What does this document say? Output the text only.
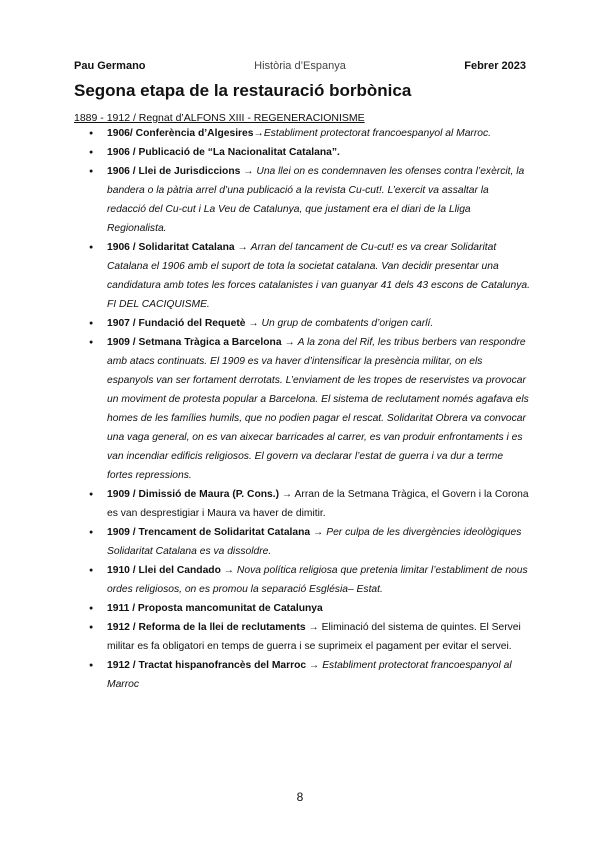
Pau Germano	Història d’Espanya	Febrer 2023
Segona etapa de la restauració borbònica
1889 - 1912 / Regnat d’ALFONS XIII - REGENERACIONISME
● 1906/ Conferència d’Algesires→Establiment protectorat francoespanyol al Marroc.
● 1906 / Publicació de “La Nacionalitat Catalana”.
● 1906 / Llei de Jurisdiccions → Una llei on es condemnaven les ofenses contra l’exèrcit, la bandera o la pàtria arrel d’una publicació a la revista Cu-cut!. L’exercit va assaltar la redacció del Cu-cut i La Veu de Catalunya, que justament era el diari de la Lliga Regionalista.
● 1906 / Solidaritat Catalana → Arran del tancament de Cu-cut! es va crear Solidaritat Catalana el 1906 amb el suport de tota la societat catalana. Van decidir presentar una candidatura amb totes les forces catalanistes i van guanyar 41 dels 43 escons de Catalunya. FI DEL CACIQUISME.
● 1907 / Fundació del Requetè → Un grup de combatents d’origen carlí.
● 1909 / Setmana Tràgica a Barcelona → A la zona del Rif, les tribus berbers van respondre amb atacs continuats. El 1909 es va haver d’intensificar la presència militar, on els espanyols van ser fortament derrotats. L’enviament de les tropes de reservistes va provocar un moviment de protesta popular a Barcelona. El sistema de reclutament només agafava els homes de les famílies humils, que no podien pagar el rescat. Solidaritat Obrera va convocar una vaga general, on es van aixecar barricades al carrer, es van produir enfrontaments i es van incendiar edificis religiosos. El govern va declarar l’estat de guerra i va dur a terme fortes repressions.
● 1909 / Dimissió de Maura (P. Cons.) → Arran de la Setmana Tràgica, el Govern i la Corona es van desprestigiar i Maura va haver de dimitir.
● 1909 / Trencament de Solidaritat Catalana → Per culpa de les divergències ideològiques Solidaritat Catalana es va dissoldre.
● 1910 / Llei del Candado → Nova política religiosa que pretenia limitar l’establiment de nous ordes religiosos, on es promou la separació Església– Estat.
● 1911 / Proposta mancomunitat de Catalunya
● 1912 / Reforma de la llei de reclutaments → Eliminació del sistema de quintes. El Servei militar es fa obligatori en temps de guerra i se suprimeix el pagament per evitar el servei.
● 1912 / Tractat hispanofrancès del Marroc → Establiment protectorat francoespanyol al Marroc
8
